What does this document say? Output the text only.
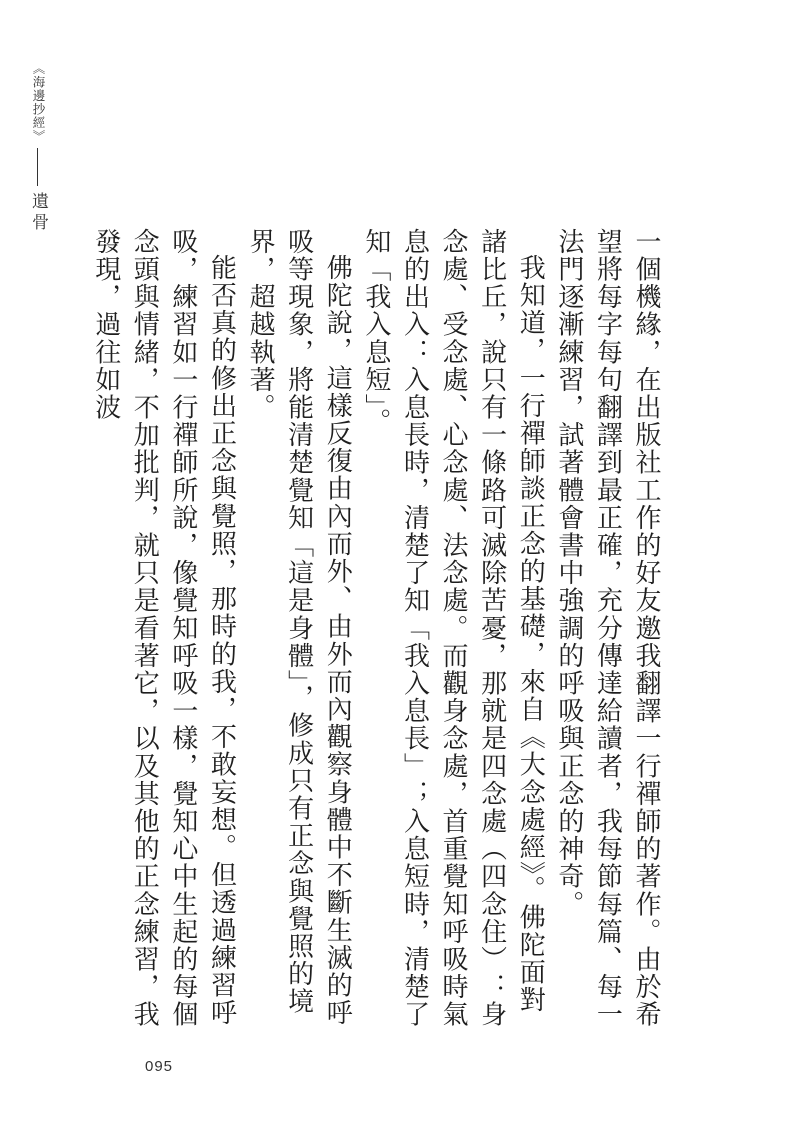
《海邊抄經》
遺骨

一個機緣，在出版社工作的好友邀我翻譯一行禪師的著作。由於希望將每字每句翻譯到最正確，充分傳達給讀者，我每節每篇、每一法門逐漸練習，試著體會書中強調的呼吸與正念的神奇。

我知道，一行禪師談正念的基礎，來自《大念處經》。佛陀面對諸比丘，說只有一條路可滅除苦憂，那就是四念處（四念住）：身念處、受念處、心念處、法念處。而觀身念處，首重覺知呼吸時氣息的出入：入息長時，清楚了知「我入息長」；入息短時，清楚了知「我入息短」。

佛陀說，這樣反復由內而外、由外而內觀察身體中不斷生滅的呼吸等現象，將能清楚覺知「這是身體」，修成只有正念與覺照的境界，超越執著。

能否真的修出正念與覺照，那時的我，不敢妄想。但透過練習呼吸，練習如一行禪師所說，像覺知呼吸一樣，覺知心中生起的每個念頭與情緒，不加批判，就只是看著它，以及其他的正念練習，我發現，過往如波

095
